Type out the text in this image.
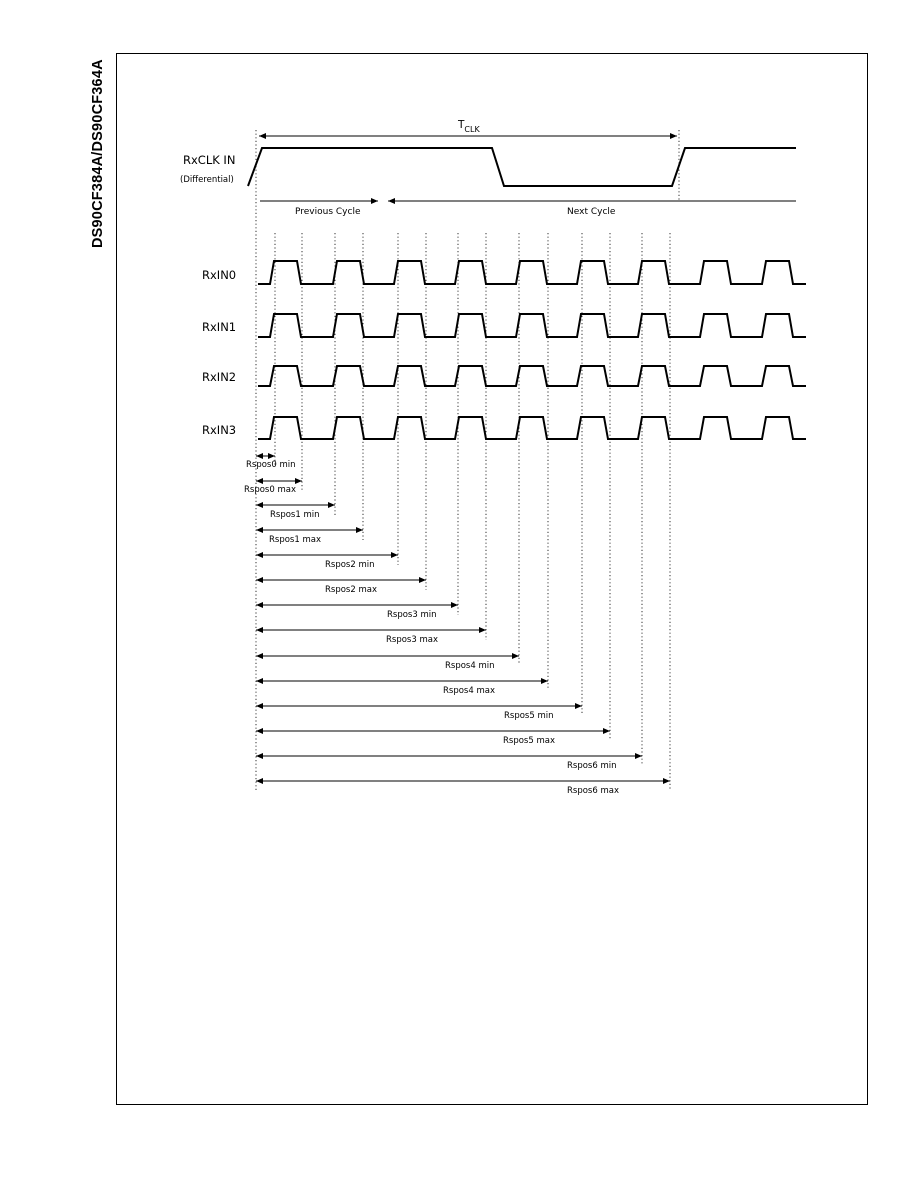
DS90CF384A/DS90CF364A	$T_{CLK}$
RxCLK IN
(Differential)
Previous Cycle	Next Cycle
RxIN0
RxIN1
RxIN2
RxIN3
Rspos0 min
Rspos0 max
Rspos1 min
Rspos1 max
Rspos2 min
Rspos2 max
Rspos3 min
Rspos3 max
Rspos4 min
Rspos4 max
Rspos5 min
Rspos5 max
Rspos6 min
Rspos6 max
